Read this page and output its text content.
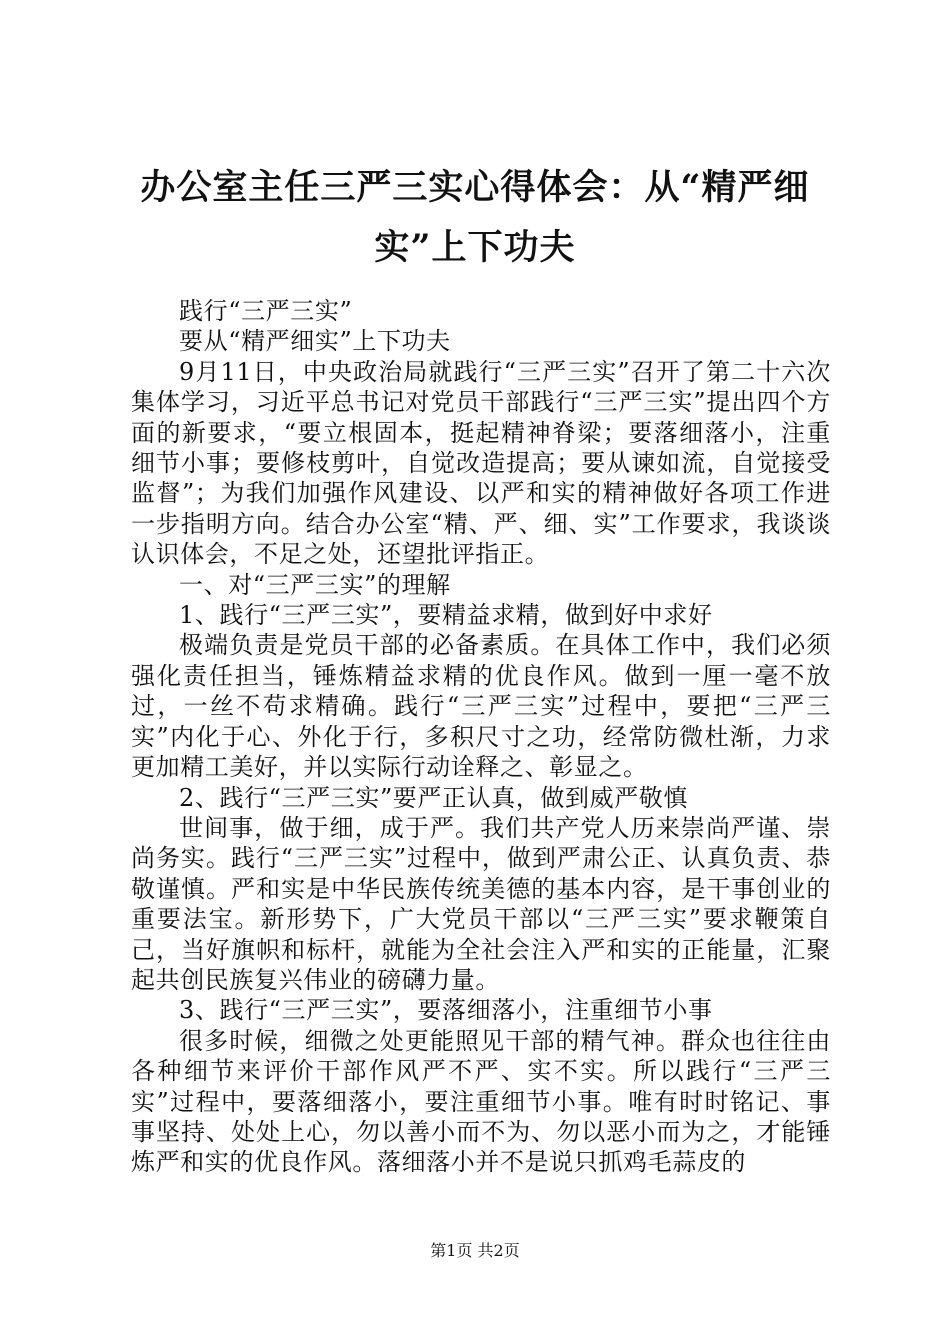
办公室主任三严三实心得体会：从“精严细实”上下功夫

践行“三严三实”

要从“精严细实”上下功夫

9月11日，中央政治局就践行“三严三实”召开了第二十六次集体学习，习近平总书记对党员干部践行“三严三实”提出四个方面的新要求，“要立根固本，挺起精神脊梁；要落细落小，注重细节小事；要修枝剪叶，自觉改造提高；要从谏如流，自觉接受监督”；为我们加强作风建设、以严和实的精神做好各项工作进一步指明方向。结合办公室“精、严、细、实”工作要求，我谈谈认识体会，不足之处，还望批评指正。

一、对“三严三实”的理解

1、践行“三严三实”，要精益求精，做到好中求好

极端负责是党员干部的必备素质。在具体工作中，我们必须强化责任担当，锤炼精益求精的优良作风。做到一厘一毫不放过，一丝不苟求精确。践行“三严三实”过程中，要把“三严三实”内化于心、外化于行，多积尺寸之功，经常防微杜渐，力求更加精工美好，并以实际行动诠释之、彰显之。

2、践行“三严三实”要严正认真，做到威严敬慎

世间事，做于细，成于严。我们共产党人历来崇尚严谨、崇尚务实。践行“三严三实”过程中，做到严肃公正、认真负责、恭敬谨慎。严和实是中华民族传统美德的基本内容，是干事创业的重要法宝。新形势下，广大党员干部以“三严三实”要求鞭策自己，当好旗帜和标杆，就能为全社会注入严和实的正能量，汇聚起共创民族复兴伟业的磅礴力量。

3、践行“三严三实”，要落细落小，注重细节小事

很多时候，细微之处更能照见干部的精气神。群众也往往由各种细节来评价干部作风严不严、实不实。所以践行“三严三实”过程中，要落细落小，要注重细节小事。唯有时时铭记、事事坚持、处处上心，勿以善小而不为、勿以恶小而为之，才能锤炼严和实的优良作风。落细落小并不是说只抓鸡毛蒜皮的

第1页 共2页
